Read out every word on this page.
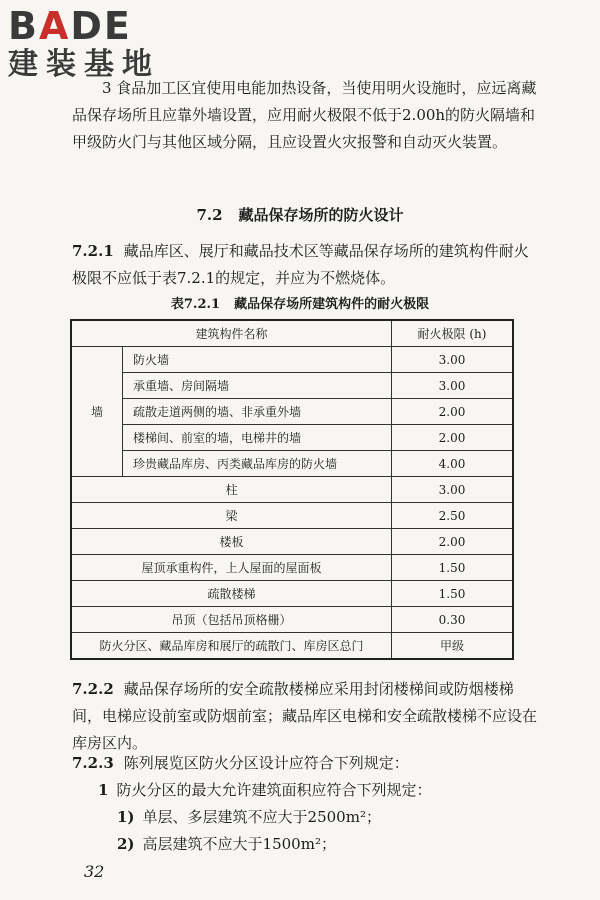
BADE
建装基地
3 食品加工区宜使用电能加热设备，当使用明火设施时，应远离藏品保存场所且应靠外墙设置，应用耐火极限不低于2.00h的防火隔墙和甲级防火门与其他区域分隔，且应设置火灾报警和自动灭火装置。
7.2 藏品保存场所的防火设计
7.2.1 藏品库区、展厅和藏品技术区等藏品保存场所的建筑构件耐火极限不应低于表7.2.1的规定，并应为不燃烧体。
表7.2.1 藏品保存场所建筑构件的耐火极限
建筑构件名称		耐火极限 (h)
墙	防火墙	3.00
	承重墙、房间隔墙	3.00
	疏散走道两侧的墙、非承重外墙	2.00
	楼梯间、前室的墙，电梯井的墙	2.00
	珍贵藏品库房、丙类藏品库房的防火墙	4.00
柱		3.00
梁		2.50
楼板		2.00
屋顶承重构件，上人屋面的屋面板		1.50
疏散楼梯		1.50
吊顶（包括吊顶格栅）		0.30
防火分区、藏品库房和展厅的疏散门、库房区总门		甲级
7.2.2 藏品保存场所的安全疏散楼梯应采用封闭楼梯间或防烟楼梯间，电梯应设前室或防烟前室；藏品库区电梯和安全疏散楼梯不应设在库房区内。
7.2.3 陈列展览区防火分区设计应符合下列规定：
1 防火分区的最大允许建筑面积应符合下列规定：
1) 单层、多层建筑不应大于2500m²；
2) 高层建筑不应大于1500m²；
32
